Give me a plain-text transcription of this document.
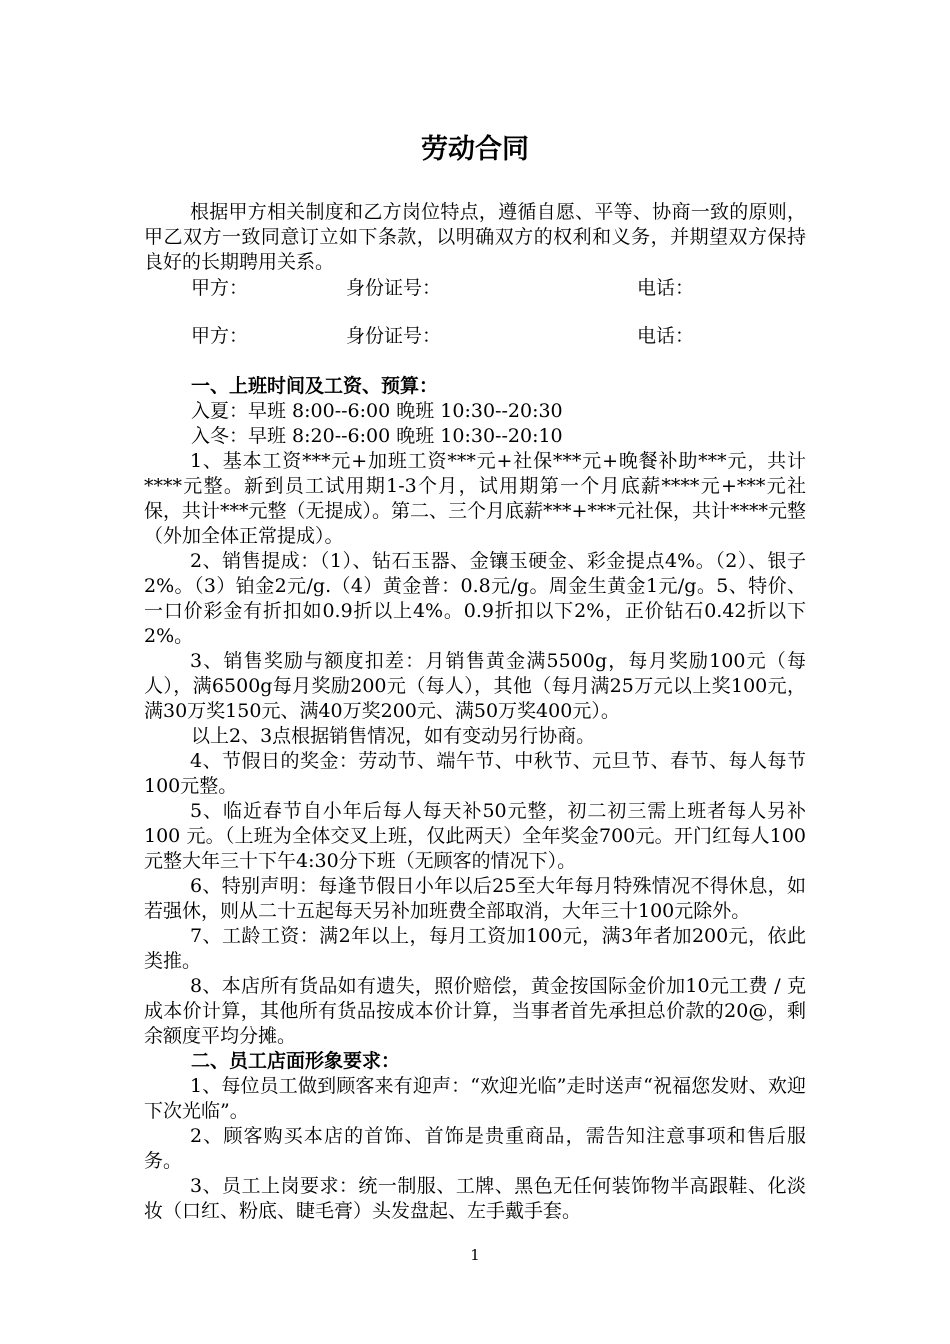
劳动合同
根据甲方相关制度和乙方岗位特点，遵循自愿、平等、协商一致的原则，甲乙双方一致同意订立如下条款，以明确双方的权利和义务，并期望双方保持良好的长期聘用关系。
甲方：	身份证号：	电话：
甲方：	身份证号：	电话：
一、上班时间及工资、预算：
入夏：早班 8:00--6:00 晚班 10:30--20:30
入冬：早班 8:20--6:00 晚班 10:30--20:10
1、基本工资***元+加班工资***元+社保***元+晚餐补助***元，共计****元整。新到员工试用期1-3个月，试用期第一个月底薪****元+***元社保，共计***元整（无提成）。第二、三个月底薪***+***元社保，共计****元整（外加全体正常提成）。
2、销售提成：（1）、钻石玉器、金镶玉硬金、彩金提点4%。（2）、银子2%。（3）铂金2元/g.（4）黄金普：0.8元/g。周金生黄金1元/g。5、特价、一口价彩金有折扣如0.9折以上4%。0.9折扣以下2%，正价钻石0.42折以下2%。
3、销售奖励与额度扣差：月销售黄金满5500g，每月奖励100元（每人），满6500g每月奖励200元（每人），其他（每月满25万元以上奖100元，满30万奖150元、满40万奖200元、满50万奖400元）。
以上2、3点根据销售情况，如有变动另行协商。
4、节假日的奖金：劳动节、端午节、中秋节、元旦节、春节、每人每节100元整。
5、临近春节自小年后每人每天补50元整，初二初三需上班者每人另补100 元。（上班为全体交叉上班，仅此两天）全年奖金700元。开门红每人100元整大年三十下午4:30分下班（无顾客的情况下）。
6、特别声明：每逢节假日小年以后25至大年每月特殊情况不得休息，如若强休，则从二十五起每天另补加班费全部取消，大年三十100元除外。
7、工龄工资：满2年以上，每月工资加100元，满3年者加200元，依此类推。
8、本店所有货品如有遗失，照价赔偿，黄金按国际金价加10元工费 / 克成本价计算，其他所有货品按成本价计算，当事者首先承担总价款的20@，剩余额度平均分摊。
二、员工店面形象要求：
1、每位员工做到顾客来有迎声：“欢迎光临”走时送声“祝福您发财、欢迎下次光临”。
2、顾客购买本店的首饰、首饰是贵重商品，需告知注意事项和售后服务。
3、员工上岗要求：统一制服、工牌、黑色无任何装饰物半高跟鞋、化淡妆（口红、粉底、睫毛膏）头发盘起、左手戴手套。
1
